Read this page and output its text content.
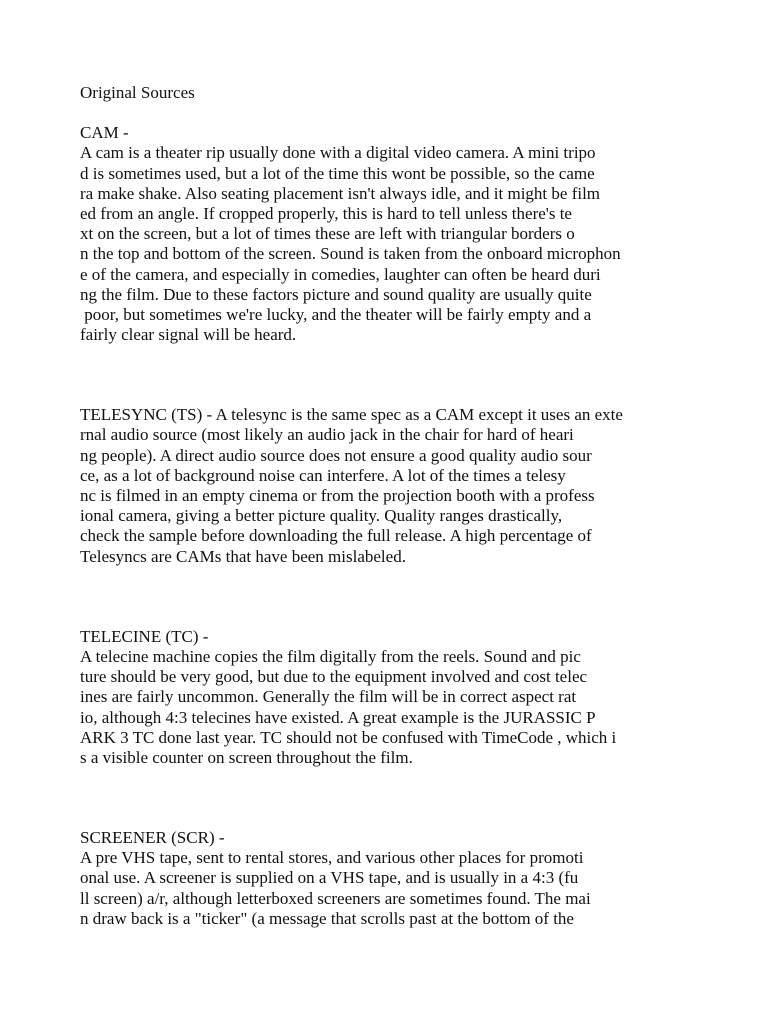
Original Sources
CAM -
A cam is a theater rip usually done with a digital video camera. A mini tripo
d is sometimes used, but a lot of the time this wont be possible, so the came
ra make shake. Also seating placement isn't always idle, and it might be film
ed from an angle. If cropped properly, this is hard to tell unless there's te
xt on the screen, but a lot of times these are left with triangular borders o
n the top and bottom of the screen. Sound is taken from the onboard microphon
e of the camera, and especially in comedies, laughter can often be heard duri
ng the film. Due to these factors picture and sound quality are usually quite
poor, but sometimes we're lucky, and the theater will be fairly empty and a
fairly clear signal will be heard.
TELESYNC (TS) - A telesync is the same spec as a CAM except it uses an exte
rnal audio source (most likely an audio jack in the chair for hard of heari
ng people). A direct audio source does not ensure a good quality audio sour
ce, as a lot of background noise can interfere. A lot of the times a telesy
nc is filmed in an empty cinema or from the projection booth with a profess
ional camera, giving a better picture quality. Quality ranges drastically,
check the sample before downloading the full release. A high percentage of
Telesyncs are CAMs that have been mislabeled.
TELECINE (TC) -
A telecine machine copies the film digitally from the reels. Sound and pic
ture should be very good, but due to the equipment involved and cost telec
ines are fairly uncommon. Generally the film will be in correct aspect rat
io, although 4:3 telecines have existed. A great example is the JURASSIC P
ARK 3 TC done last year. TC should not be confused with TimeCode , which i
s a visible counter on screen throughout the film.
SCREENER (SCR) -
A pre VHS tape, sent to rental stores, and various other places for promoti
onal use. A screener is supplied on a VHS tape, and is usually in a 4:3 (fu
ll screen) a/r, although letterboxed screeners are sometimes found. The mai
n draw back is a "ticker" (a message that scrolls past at the bottom of the
